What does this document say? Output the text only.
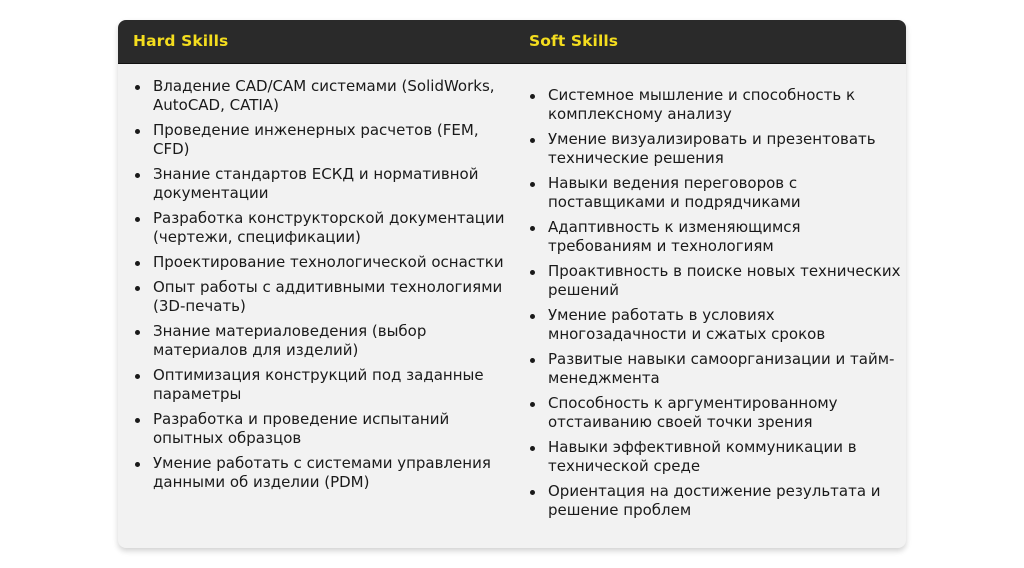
Hard Skills	Soft Skills
Владение CAD/CAM системами (SolidWorks, AutoCAD, CATIA)
Проведение инженерных расчетов (FEM, CFD)
Знание стандартов ЕСКД и нормативной документации
Разработка конструкторской документации (чертежи, спецификации)
Проектирование технологической оснастки
Опыт работы с аддитивными технологиями (3D-печать)
Знание материаловедения (выбор материалов для изделий)
Оптимизация конструкций под заданные параметры
Разработка и проведение испытаний опытных образцов
Умение работать с системами управления данными об изделии (PDM)
Системное мышление и способность к комплексному анализу
Умение визуализировать и презентовать технические решения
Навыки ведения переговоров с поставщиками и подрядчиками
Адаптивность к изменяющимся требованиям и технологиям
Проактивность в поиске новых технических решений
Умение работать в условиях многозадачности и сжатых сроков
Развитые навыки самоорганизации и тайм-менеджмента
Способность к аргументированному отстаиванию своей точки зрения
Навыки эффективной коммуникации в технической среде
Ориентация на достижение результата и решение проблем
